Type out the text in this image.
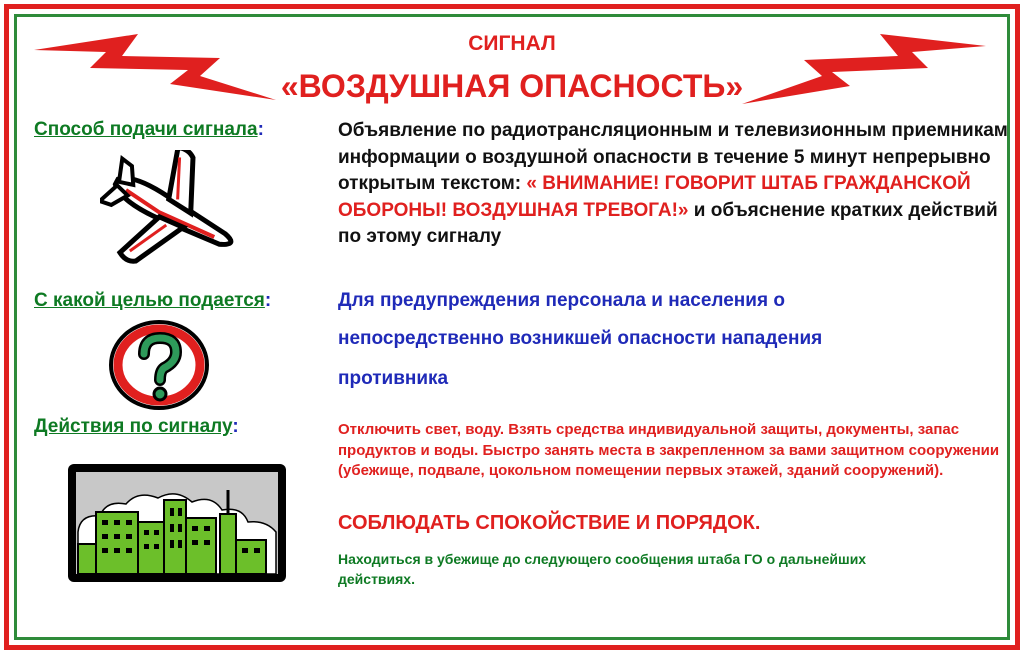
СИГНАЛ
«ВОЗДУШНАЯ ОПАСНОСТЬ»
Способ подачи сигнала:	Объявление по радиотрансляционным и телевизионным приемникам информации о воздушной опасности в течение 5 минут непрерывно открытым текстом: « ВНИМАНИЕ! ГОВОРИТ ШТАБ ГРАЖДАНСКОЙ ОБОРОНЫ! ВОЗДУШНАЯ ТРЕВОГА!» и объяснение кратких действий по этому сигналу
С какой целью подается:	Для предупреждения персонала и населения о
непосредственно возникшей опасности нападения
противника
Действия по сигналу:	Отключить свет, воду. Взять средства индивидуальной защиты, документы, запас продуктов и воды. Быстро занять места в закрепленном за вами защитном сооружении (убежище, подвале, цокольном помещении первых этажей, зданий сооружений).
СОБЛЮДАТЬ СПОКОЙСТВИЕ И ПОРЯДОК.
Находиться в убежище до следующего сообщения штаба ГО о дальнейших действиях.
